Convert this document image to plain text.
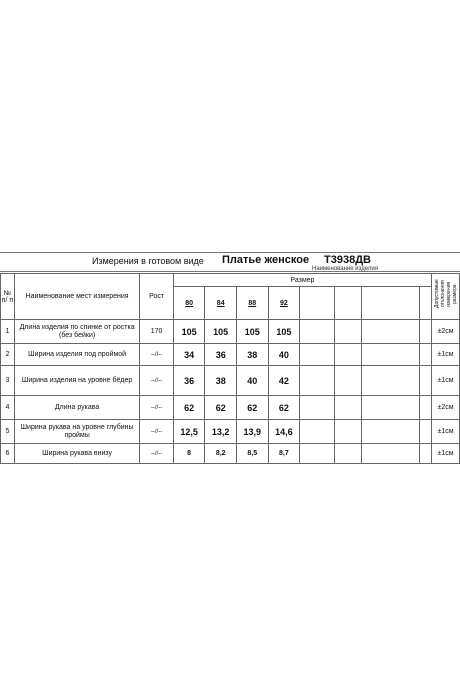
Измерения в готовом виде Платье женское Т3938ДВ
Наименование изделия
№ п/ п	Наименование мест измерения	Рост	Размер								Допустимые отклонения измерения размера
			80	84	88	92					
1	Длина изделия по спинке от ростка (без бейки)	170	105	105	105	105					±2см
2	Ширина изделия под проймой	--//--	34	36	38	40					±1см
3	Ширина изделия на уровне бёдер	--//--	36	38	40	42					±1см
4	Длина рукава	--//--	62	62	62	62					±2см
5	Ширина рукава на уровне глубины проймы	--//--	12,5	13,2	13,9	14,6					±1см
6	Ширина рукава внизу	--//--	8	8,2	8,5	8,7					±1см
